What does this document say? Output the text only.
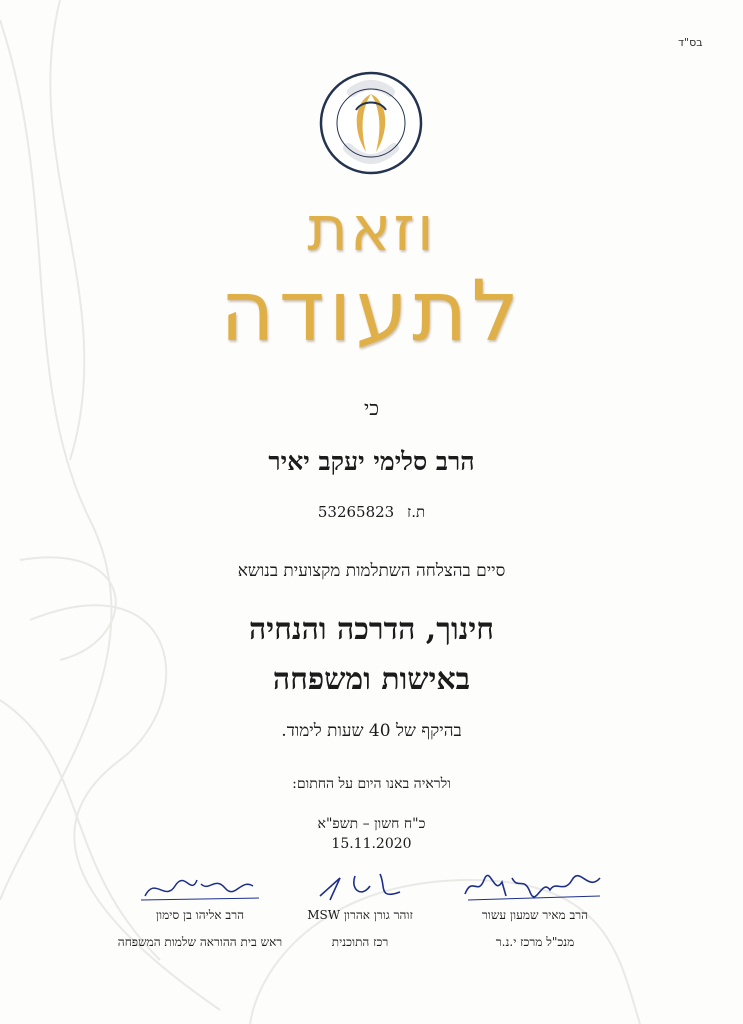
בס"ד
וזאת
לתעודה
כי
הרב סלימי יעקב יאיר
ת.ז 53265823
סיים בהצלחה השתלמות מקצועית בנושא
חינוך, הדרכה והנחיה
באישות ומשפחה
בהיקף של 40 שעות לימוד.
ולראיה באנו היום על החתום:
כ"ח חשון – תשפ"א
15.11.2020
הרב מאיר שמעון עשור
מנכ"ל מרכז י.נ.ר
זוהר גורן אהרון MSW
רכז התוכנית
הרב אליהו בן סימון
ראש בית ההוראה שלמות המשפחה
